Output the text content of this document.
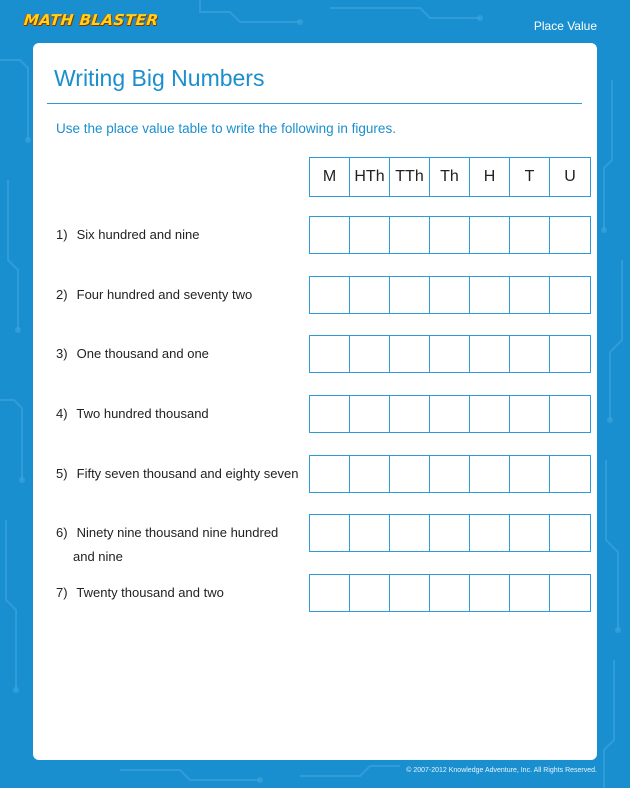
MATH BLASTER	Place Value
Writing Big Numbers
Use the place value table to write the following in figures.
M	HTh TTh	Th	H	T	U
1) Six hundred and nine
2) Four hundred and seventy two
3) One thousand and one
4) Two hundred thousand
5) Fifty seven thousand and eighty seven
6) Ninety nine thousand nine hundred
and nine
7) Twenty thousand and two
© 2007-2012 Knowledge Adventure, Inc. All Rights Reserved.
